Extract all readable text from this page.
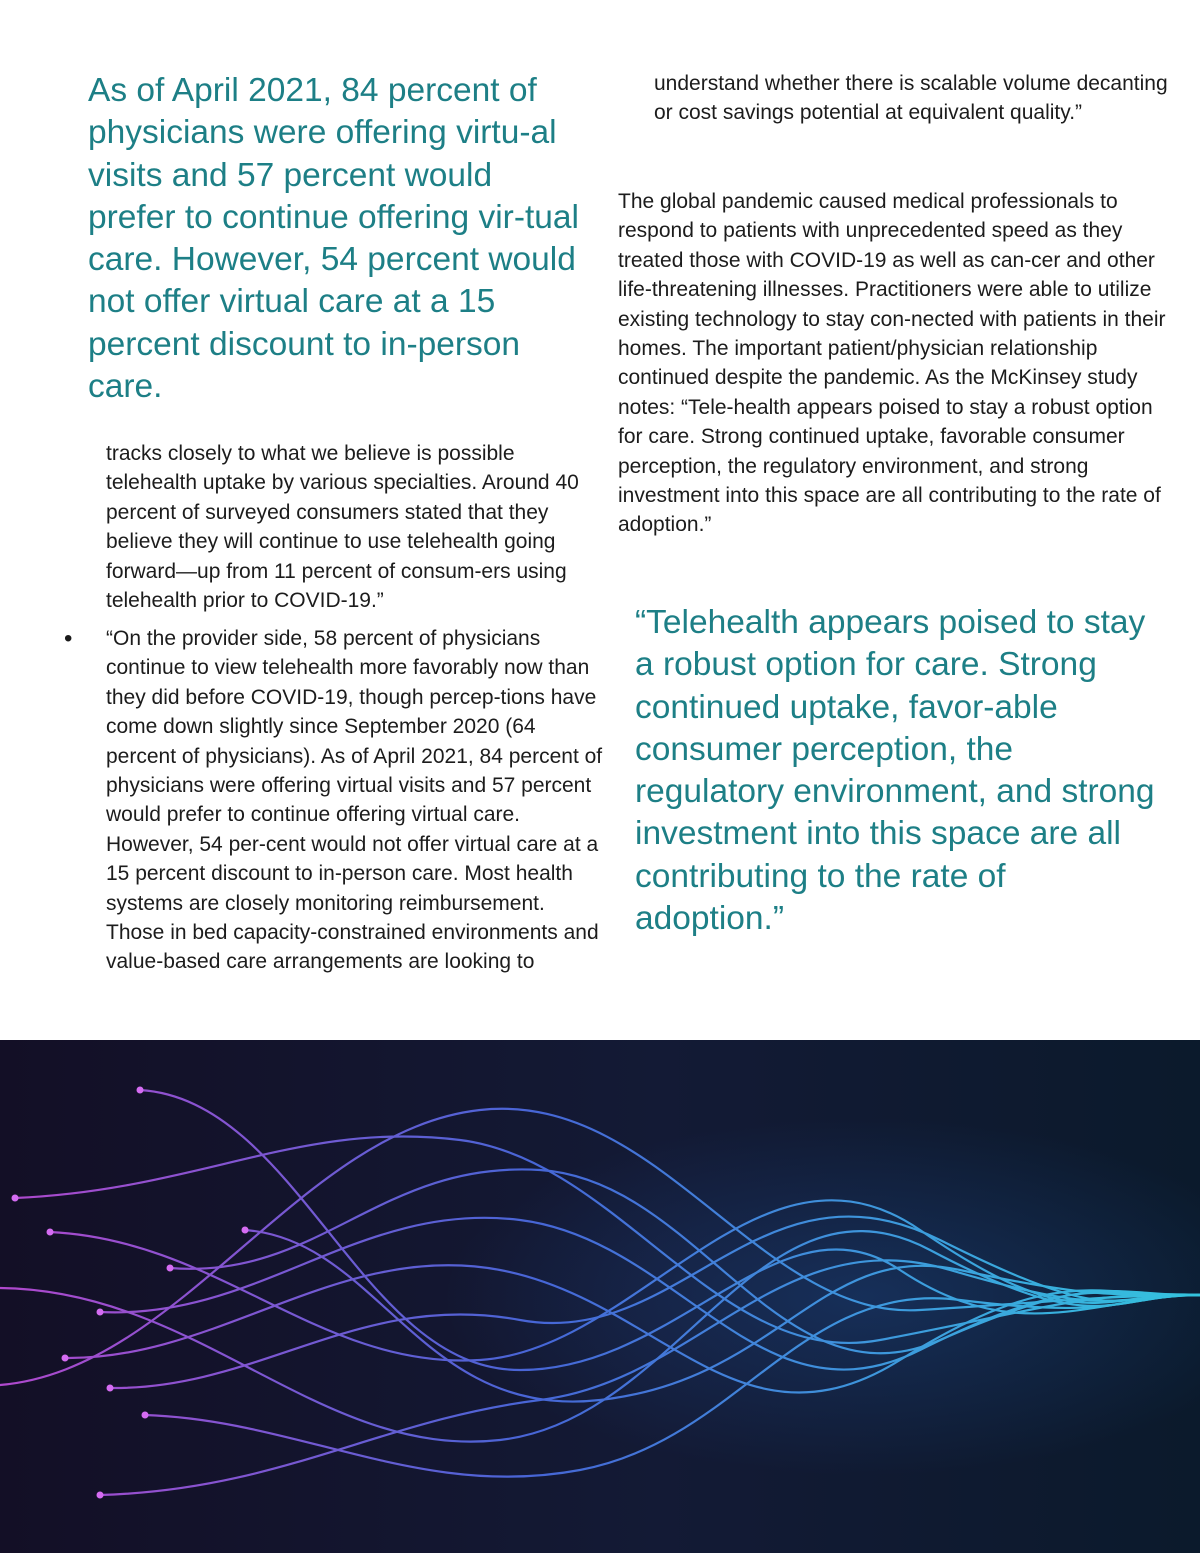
As of April 2021, 84 percent of physicians were offering virtu-al visits and 57 percent would prefer to continue offering vir-tual care. However, 54 percent would not offer virtual care at a 15 percent discount to in-person care.

tracks closely to what we believe is possible telehealth uptake by various specialties. Around 40 percent of surveyed consumers stated that they believe they will continue to use telehealth going forward—up from 11 percent of consum-ers using telehealth prior to COVID-19.”

• “On the provider side, 58 percent of physicians continue to view telehealth more favorably now than they did before COVID-19, though percep-tions have come down slightly since September 2020 (64 percent of physicians). As of April 2021, 84 percent of physicians were offering virtual visits and 57 percent would prefer to continue offering virtual care. However, 54 per-cent would not offer virtual care at a 15 percent discount to in-person care. Most health systems are closely monitoring reimbursement. Those in bed capacity-constrained environments and value-based care arrangements are looking to

understand whether there is scalable volume decanting or cost savings potential at equivalent quality.”

The global pandemic caused medical professionals to respond to patients with unprecedented speed as they treated those with COVID-19 as well as can-cer and other life-threatening illnesses. Practitioners were able to utilize existing technology to stay con-nected with patients in their homes. The important patient/physician relationship continued despite the pandemic. As the McKinsey study notes: “Tele-health appears poised to stay a robust option for care. Strong continued uptake, favorable consumer perception, the regulatory environment, and strong investment into this space are all contributing to the rate of adoption.”

“Telehealth appears poised to stay a robust option for care. Strong continued uptake, favor-able consumer perception, the regulatory environment, and strong investment into this space are all contributing to the rate of adoption.”
